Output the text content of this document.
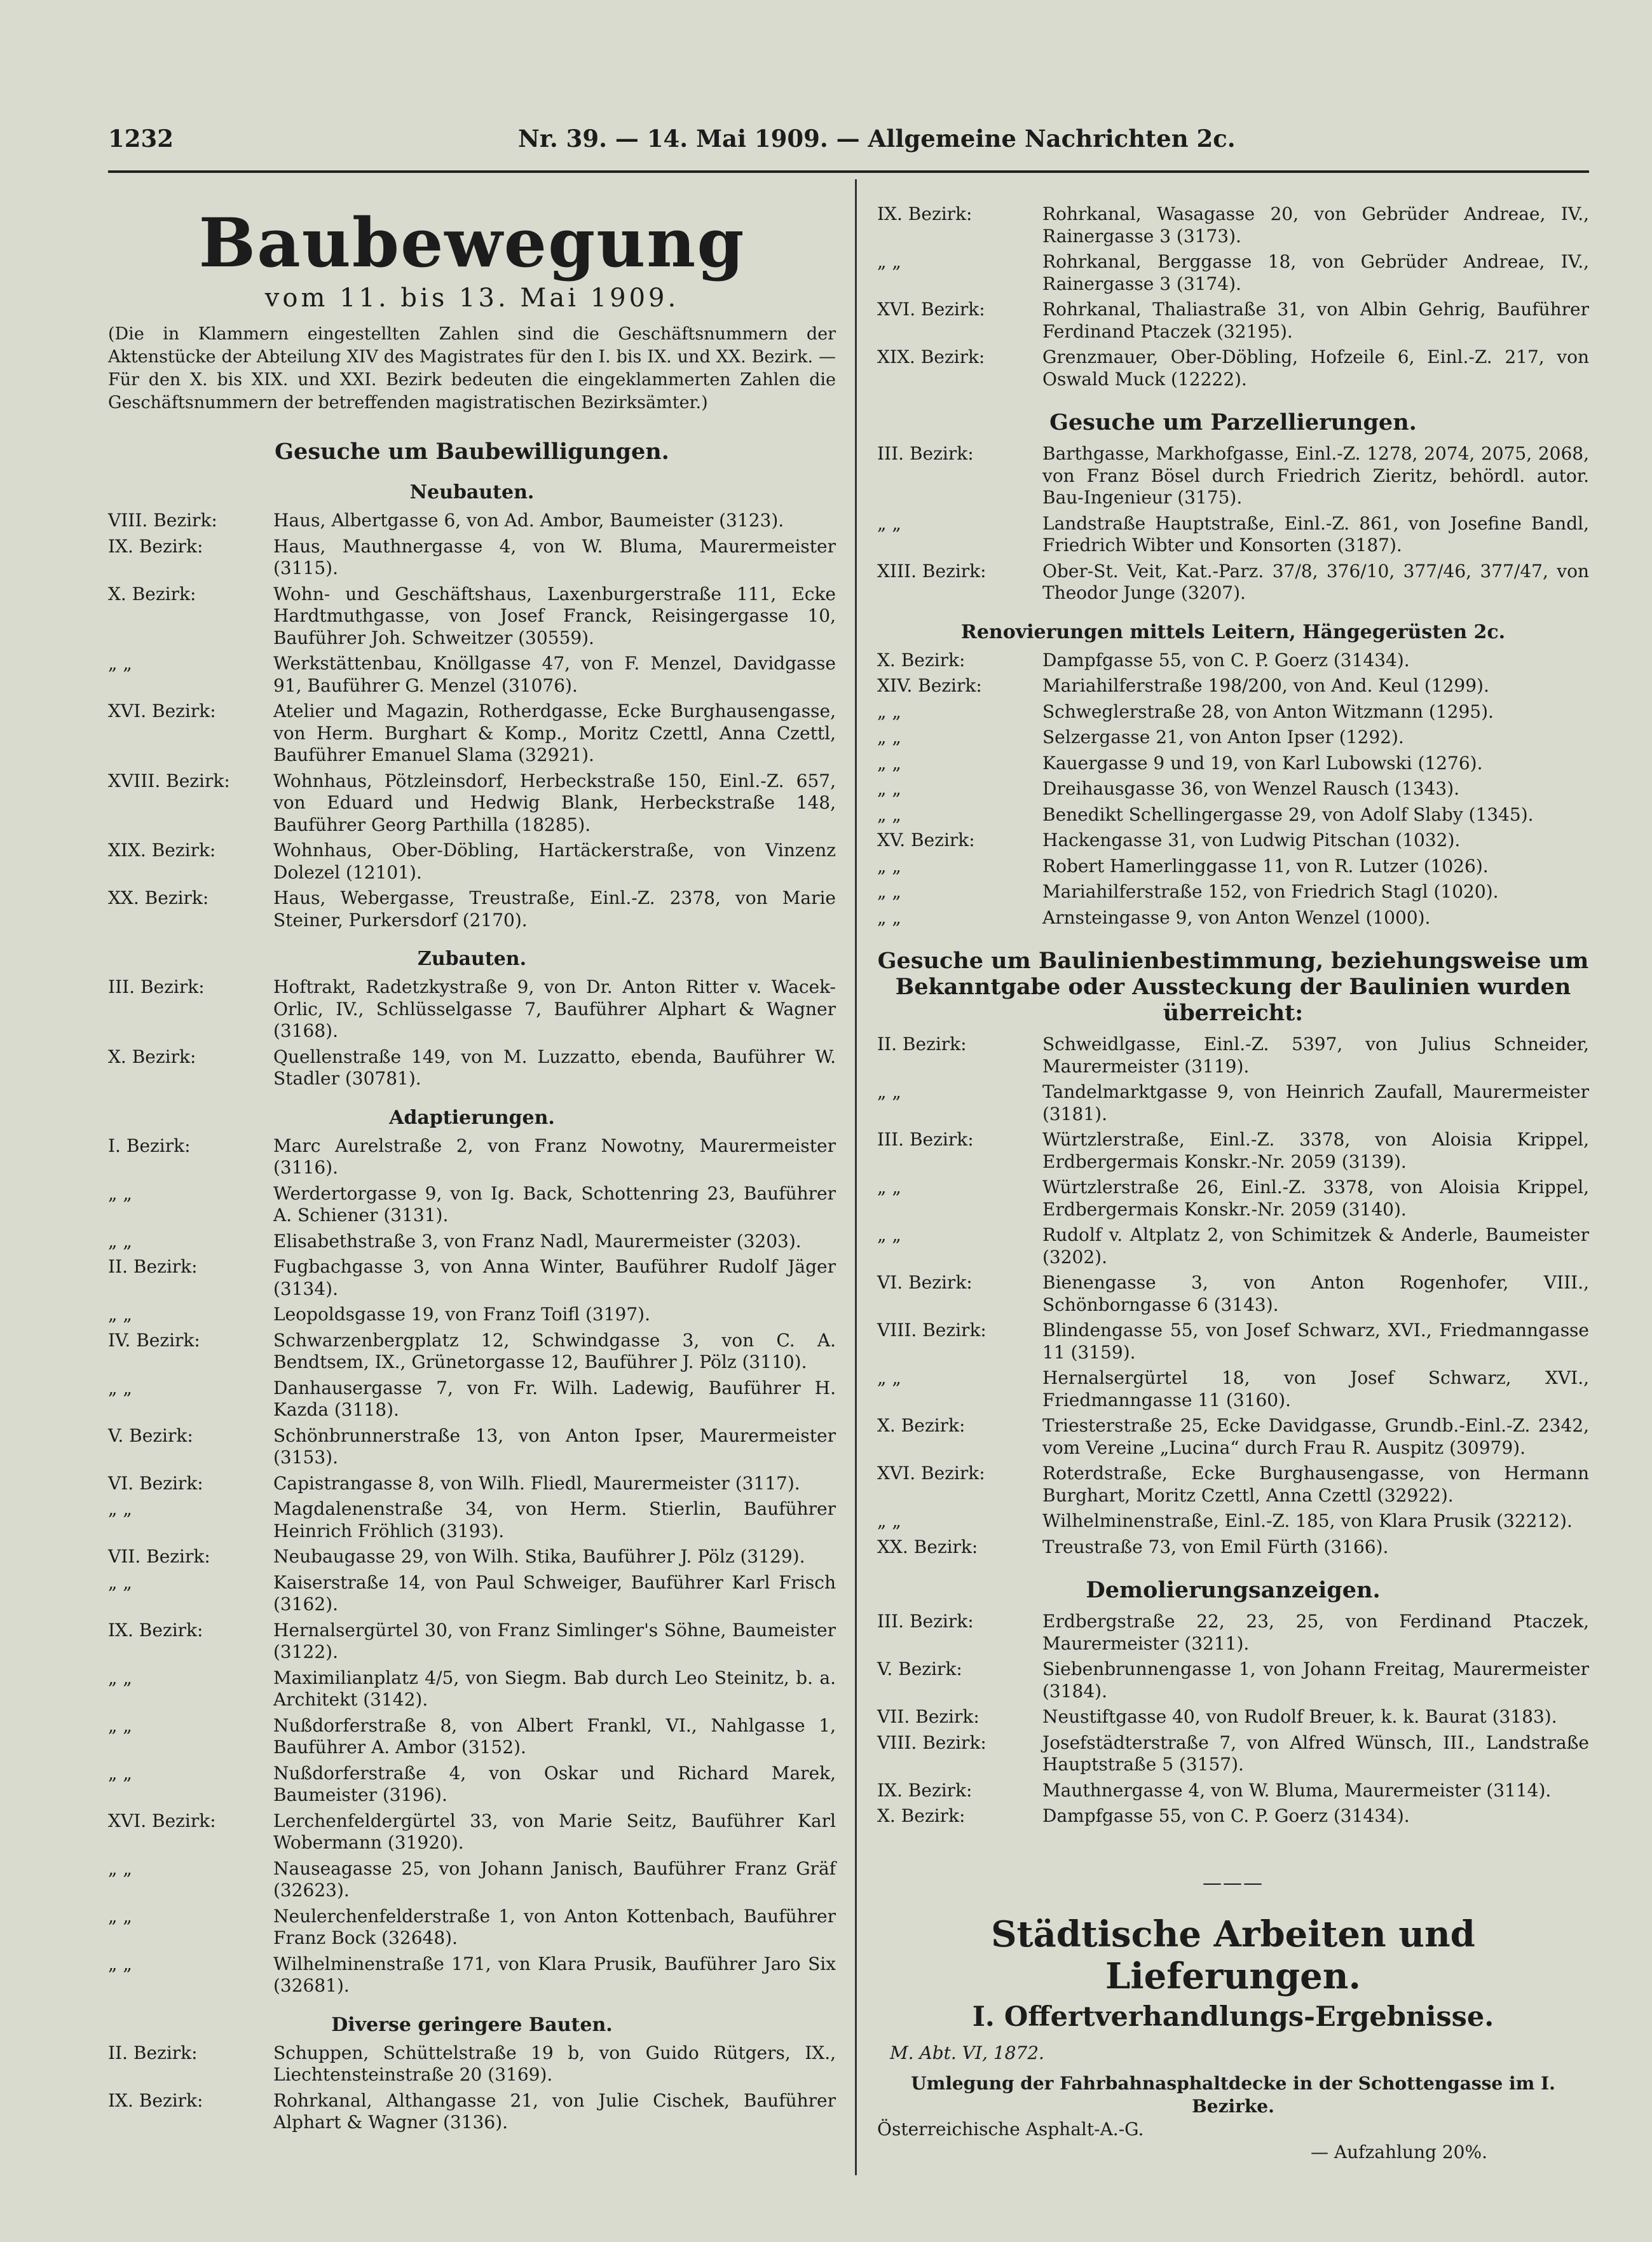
1232	Nr. 39. — 14. Mai 1909. — Allgemeine Nachrichten 2c.
Baubewegung
vom 11. bis 13. Mai 1909.
(Die in Klammern eingestellten Zahlen sind die Geschäftsnummern der Aktenstücke der Abteilung XIV des Magistrates für den I. bis IX. und XX. Bezirk. — Für den X. bis XIX. und XXI. Bezirk bedeuten die eingeklammerten Zahlen die Geschäftsnummern der betreffenden magistratischen Bezirksämter.)
Gesuche um Baubewilligungen.
Neubauten.
VIII. Bezirk:	Haus, Albertgasse 6, von Ad. Ambor, Baumeister (3123).
IX. Bezirk:	Haus, Mauthnergasse 4, von W. Bluma, Maurermeister (3115).
X. Bezirk:	Wohn- und Geschäftshaus, Laxenburgerstraße 111, Ecke Hardtmuthgasse, von Josef Franck, Reisingergasse 10, Bauführer Joh. Schweitzer (30559).
„ „	Werkstättenbau, Knöllgasse 47, von F. Menzel, Davidgasse 91, Bauführer G. Menzel (31076).
XVI. Bezirk:	Atelier und Magazin, Rotherdgasse, Ecke Burghausengasse, von Herm. Burghart & Komp., Moritz Czettl, Anna Czettl, Bauführer Emanuel Slama (32921).
XVIII. Bezirk:	Wohnhaus, Pötzleinsdorf, Herbeckstraße 150, Einl.-Z. 657, von Eduard und Hedwig Blank, Herbeckstraße 148, Bauführer Georg Parthilla (18285).
XIX. Bezirk:	Wohnhaus, Ober-Döbling, Hartäckerstraße, von Vinzenz Dolezel (12101).
XX. Bezirk:	Haus, Webergasse, Treustraße, Einl.-Z. 2378, von Marie Steiner, Purkersdorf (2170).
Zubauten.
III. Bezirk:	Hoftrakt, Radetzkystraße 9, von Dr. Anton Ritter v. Wacek-Orlic, IV., Schlüsselgasse 7, Bauführer Alphart & Wagner (3168).
X. Bezirk:	Quellenstraße 149, von M. Luzzatto, ebenda, Bauführer W. Stadler (30781).
Adaptierungen.
I. Bezirk:	Marc Aurelstraße 2, von Franz Nowotny, Maurermeister (3116).
„ „	Werdertorgasse 9, von Ig. Back, Schottenring 23, Bauführer A. Schiener (3131).
„ „	Elisabethstraße 3, von Franz Nadl, Maurermeister (3203).
II. Bezirk:	Fugbachgasse 3, von Anna Winter, Bauführer Rudolf Jäger (3134).
„ „	Leopoldsgasse 19, von Franz Toifl (3197).
IV. Bezirk:	Schwarzenbergplatz 12, Schwindgasse 3, von C. A. Bendtsem, IX., Grünetorgasse 12, Bauführer J. Pölz (3110).
„ „	Danhausergasse 7, von Fr. Wilh. Ladewig, Bauführer H. Kazda (3118).
V. Bezirk:	Schönbrunnerstraße 13, von Anton Ipser, Maurermeister (3153).
VI. Bezirk:	Capistrangasse 8, von Wilh. Fliedl, Maurermeister (3117).
„ „	Magdalenenstraße 34, von Herm. Stierlin, Bauführer Heinrich Fröhlich (3193).
VII. Bezirk:	Neubaugasse 29, von Wilh. Stika, Bauführer J. Pölz (3129).
„ „	Kaiserstraße 14, von Paul Schweiger, Bauführer Karl Frisch (3162).
IX. Bezirk:	Hernalsergürtel 30, von Franz Simlinger's Söhne, Baumeister (3122).
„ „	Maximilianplatz 4/5, von Siegm. Bab durch Leo Steinitz, b. a. Architekt (3142).
„ „	Nußdorferstraße 8, von Albert Frankl, VI., Nahlgasse 1, Bauführer A. Ambor (3152).
„ „	Nußdorferstraße 4, von Oskar und Richard Marek, Baumeister (3196).
XVI. Bezirk:	Lerchenfeldergürtel 33, von Marie Seitz, Bauführer Karl Wobermann (31920).
„ „	Nauseagasse 25, von Johann Janisch, Bauführer Franz Gräf (32623).
„ „	Neulerchenfelderstraße 1, von Anton Kottenbach, Bauführer Franz Bock (32648).
„ „	Wilhelminenstraße 171, von Klara Prusik, Bauführer Jaro Six (32681).
Diverse geringere Bauten.
II. Bezirk:	Schuppen, Schüttelstraße 19 b, von Guido Rütgers, IX., Liechtensteinstraße 20 (3169).
IX. Bezirk:	Rohrkanal, Althangasse 21, von Julie Cischek, Bauführer Alphart & Wagner (3136).
IX. Bezirk:	Rohrkanal, Wasagasse 20, von Gebrüder Andreae, IV., Rainergasse 3 (3173).
„ „	Rohrkanal, Berggasse 18, von Gebrüder Andreae, IV., Rainergasse 3 (3174).
XVI. Bezirk:	Rohrkanal, Thaliastraße 31, von Albin Gehrig, Bauführer Ferdinand Ptaczek (32195).
XIX. Bezirk:	Grenzmauer, Ober-Döbling, Hofzeile 6, Einl.-Z. 217, von Oswald Muck (12222).
Gesuche um Parzellierungen.
III. Bezirk:	Barthgasse, Markhofgasse, Einl.-Z. 1278, 2074, 2075, 2068, von Franz Bösel durch Friedrich Zieritz, behördl. autor. Bau-Ingenieur (3175).
„ „	Landstraße Hauptstraße, Einl.-Z. 861, von Josefine Bandl, Friedrich Wibter und Konsorten (3187).
XIII. Bezirk:	Ober-St. Veit, Kat.-Parz. 37/8, 376/10, 377/46, 377/47, von Theodor Junge (3207).
Renovierungen mittels Leitern, Hängegerüsten 2c.
X. Bezirk:	Dampfgasse 55, von C. P. Goerz (31434).
XIV. Bezirk:	Mariahilferstraße 198/200, von And. Keul (1299).
„ „	Schweglerstraße 28, von Anton Witzmann (1295).
„ „	Selzergasse 21, von Anton Ipser (1292).
„ „	Kauergasse 9 und 19, von Karl Lubowski (1276).
„ „	Dreihausgasse 36, von Wenzel Rausch (1343).
„ „	Benedikt Schellingergasse 29, von Adolf Slaby (1345).
XV. Bezirk:	Hackengasse 31, von Ludwig Pitschan (1032).
„ „	Robert Hamerlinggasse 11, von R. Lutzer (1026).
„ „	Mariahilferstraße 152, von Friedrich Stagl (1020).
„ „	Arnsteingasse 9, von Anton Wenzel (1000).
Gesuche um Baulinienbestimmung, beziehungsweise um Bekanntgabe oder Aussteckung der Baulinien wurden überreicht:
II. Bezirk:	Schweidlgasse, Einl.-Z. 5397, von Julius Schneider, Maurermeister (3119).
„ „	Tandelmarktgasse 9, von Heinrich Zaufall, Maurermeister (3181).
III. Bezirk:	Würtzlerstraße, Einl.-Z. 3378, von Aloisia Krippel, Erdbergermais Konskr.-Nr. 2059 (3139).
„ „	Würtzlerstraße 26, Einl.-Z. 3378, von Aloisia Krippel, Erdbergermais Konskr.-Nr. 2059 (3140).
„ „	Rudolf v. Altplatz 2, von Schimitzek & Anderle, Baumeister (3202).
VI. Bezirk:	Bienengasse 3, von Anton Rogenhofer, VIII., Schönborngasse 6 (3143).
VIII. Bezirk:	Blindengasse 55, von Josef Schwarz, XVI., Friedmanngasse 11 (3159).
„ „	Hernalsergürtel 18, von Josef Schwarz, XVI., Friedmanngasse 11 (3160).
X. Bezirk:	Triesterstraße 25, Ecke Davidgasse, Grundb.-Einl.-Z. 2342, vom Vereine „Lucina“ durch Frau R. Auspitz (30979).
XVI. Bezirk:	Roterdstraße, Ecke Burghausengasse, von Hermann Burghart, Moritz Czettl, Anna Czettl (32922).
„ „	Wilhelminenstraße, Einl.-Z. 185, von Klara Prusik (32212).
XX. Bezirk:	Treustraße 73, von Emil Fürth (3166).
Demolierungsanzeigen.
III. Bezirk:	Erdbergstraße 22, 23, 25, von Ferdinand Ptaczek, Maurermeister (3211).
V. Bezirk:	Siebenbrunnengasse 1, von Johann Freitag, Maurermeister (3184).
VII. Bezirk:	Neustiftgasse 40, von Rudolf Breuer, k. k. Baurat (3183).
VIII. Bezirk:	Josefstädterstraße 7, von Alfred Wünsch, III., Landstraße Hauptstraße 5 (3157).
IX. Bezirk:	Mauthnergasse 4, von W. Bluma, Maurermeister (3114).
X. Bezirk:	Dampfgasse 55, von C. P. Goerz (31434).
———
Städtische Arbeiten und Lieferungen.
I. Offertverhandlungs-Ergebnisse.
M. Abt. VI, 1872.
Umlegung der Fahrbahnasphaltdecke in der Schottengasse im I. Bezirke.
Österreichische Asphalt-A.-G.
— Aufzahlung 20%.
